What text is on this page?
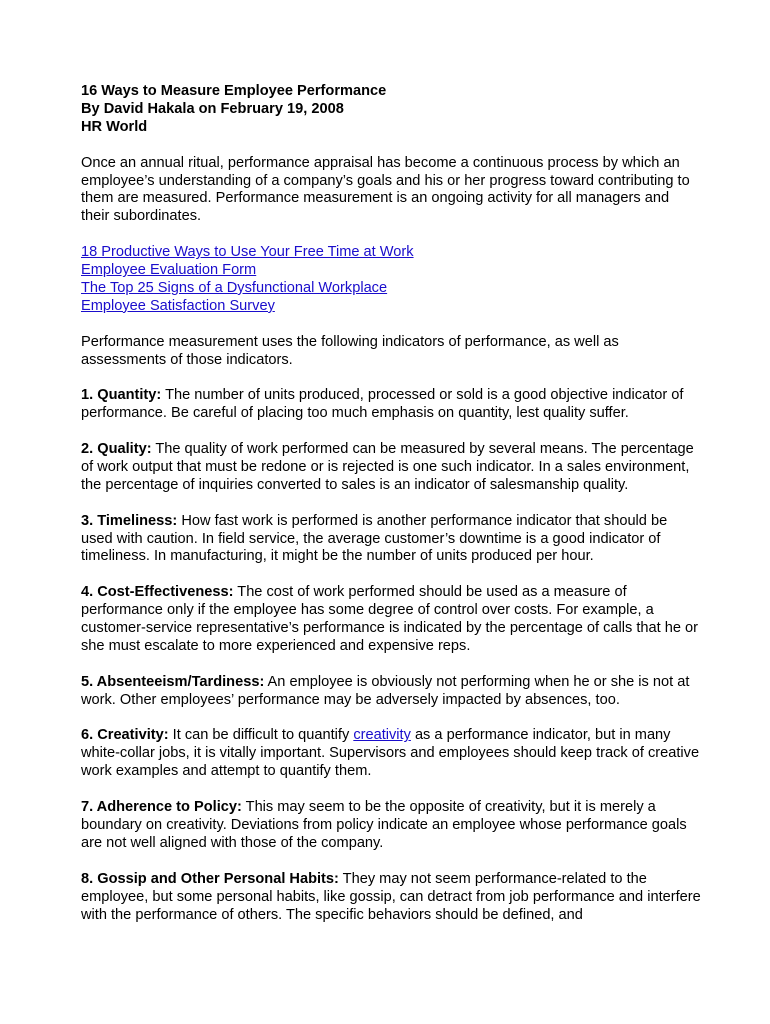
16 Ways to Measure Employee Performance
By David Hakala on February 19, 2008
HR World

Once an annual ritual, performance appraisal has become a continuous process by which an employee’s understanding of a company’s goals and his or her progress toward contributing to them are measured. Performance measurement is an ongoing activity for all managers and their subordinates.

18 Productive Ways to Use Your Free Time at Work
Employee Evaluation Form
The Top 25 Signs of a Dysfunctional Workplace
Employee Satisfaction Survey

Performance measurement uses the following indicators of performance, as well as assessments of those indicators.

1. Quantity: The number of units produced, processed or sold is a good objective indicator of performance. Be careful of placing too much emphasis on quantity, lest quality suffer.

2. Quality: The quality of work performed can be measured by several means. The percentage of work output that must be redone or is rejected is one such indicator. In a sales environment, the percentage of inquiries converted to sales is an indicator of salesmanship quality.

3. Timeliness: How fast work is performed is another performance indicator that should be used with caution. In field service, the average customer’s downtime is a good indicator of timeliness. In manufacturing, it might be the number of units produced per hour.

4. Cost-Effectiveness: The cost of work performed should be used as a measure of performance only if the employee has some degree of control over costs. For example, a customer-service representative’s performance is indicated by the percentage of calls that he or she must escalate to more experienced and expensive reps.

5. Absenteeism/Tardiness: An employee is obviously not performing when he or she is not at work. Other employees’ performance may be adversely impacted by absences, too.

6. Creativity: It can be difficult to quantify creativity as a performance indicator, but in many white-collar jobs, it is vitally important. Supervisors and employees should keep track of creative work examples and attempt to quantify them.

7. Adherence to Policy: This may seem to be the opposite of creativity, but it is merely a boundary on creativity. Deviations from policy indicate an employee whose performance goals are not well aligned with those of the company.

8. Gossip and Other Personal Habits: They may not seem performance-related to the employee, but some personal habits, like gossip, can detract from job performance and interfere with the performance of others. The specific behaviors should be defined, and
